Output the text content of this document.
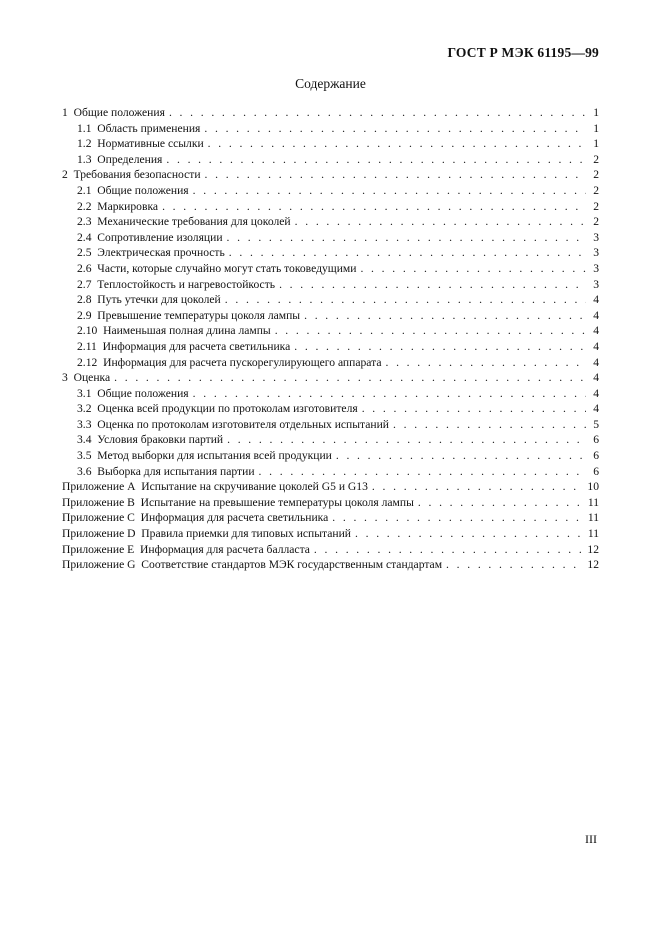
ГОСТ Р МЭК 61195—99
Содержание
1  Общие положения . . .	1
1.1  Область применения . . .	1
1.2  Нормативные ссылки . . .	1
1.3  Определения . . .	2
2  Требования безопасности . . .	2
2.1  Общие положения . . .	2
2.2  Маркировка . . .	2
2.3  Механические требования для цоколей . . .	2
2.4  Сопротивление изоляции . . .	3
2.5  Электрическая прочность . . .	3
2.6  Части, которые случайно могут стать токоведущими . . .	3
2.7  Теплостойкость и нагревостойкость . . .	3
2.8  Путь утечки для цоколей . . .	4
2.9  Превышение температуры цоколя лампы . . .	4
2.10  Наименьшая полная длина лампы . . .	4
2.11  Информация для расчета светильника . . .	4
2.12  Информация для расчета пускорегулирующего аппарата . . .	4
3  Оценка . . .	4
3.1  Общие положения . . .	4
3.2  Оценка всей продукции по протоколам изготовителя . . .	4
3.3  Оценка по протоколам изготовителя отдельных испытаний . . .	5
3.4  Условия браковки партий . . .	6
3.5  Метод выборки для испытания всей продукции . . .	6
3.6  Выборка для испытания партии . . .	6
Приложение А  Испытание на скручивание цоколей G5 и G13 . . .	10
Приложение В  Испытание на превышение температуры цоколя лампы . . .	11
Приложение С  Информация для расчета светильника . . .	11
Приложение D  Правила приемки для типовых испытаний . . .	11
Приложение Е  Информация для расчета балласта . . .	12
Приложение G  Соответствие стандартов МЭК государственным стандартам . . .	12
III
